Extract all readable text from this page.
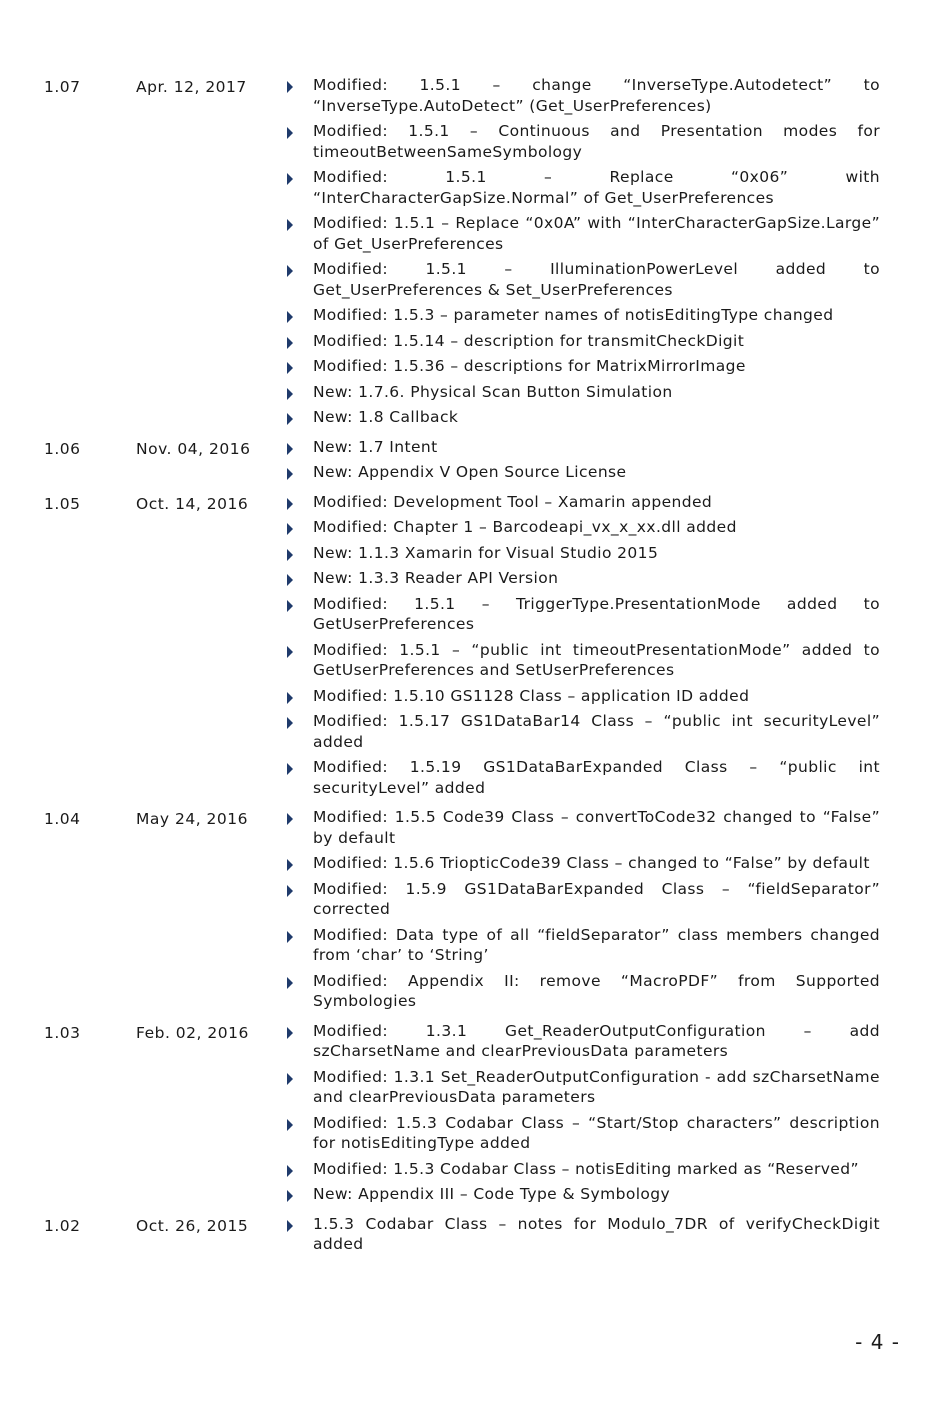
1.07	Apr. 12, 2017	Modified: 1.5.1 – change “InverseType.Autodetect” to “InverseType.AutoDetect” (Get_UserPreferences)
Modified: 1.5.1 – Continuous and Presentation modes for timeoutBetweenSameSymbology
Modified: 1.5.1 – Replace “0x06” with “InterCharacterGapSize.Normal” of Get_UserPreferences
Modified: 1.5.1 – Replace “0x0A” with “InterCharacterGapSize.Large” of Get_UserPreferences
Modified: 1.5.1 – IlluminationPowerLevel added to Get_UserPreferences & Set_UserPreferences
Modified: 1.5.3 – parameter names of notisEditingType changed
Modified: 1.5.14 – description for transmitCheckDigit
Modified: 1.5.36 – descriptions for MatrixMirrorImage
New: 1.7.6. Physical Scan Button Simulation
New: 1.8 Callback
1.06	Nov. 04, 2016	New: 1.7 Intent
New: Appendix V Open Source License
1.05	Oct. 14, 2016	Modified: Development Tool – Xamarin appended
Modified: Chapter 1 – Barcodeapi_vx_x_xx.dll added
New: 1.1.3 Xamarin for Visual Studio 2015
New: 1.3.3 Reader API Version
Modified: 1.5.1 – TriggerType.PresentationMode added to GetUserPreferences
Modified: 1.5.1 – “public int timeoutPresentationMode” added to GetUserPreferences and SetUserPreferences
Modified: 1.5.10 GS1128 Class – application ID added
Modified: 1.5.17 GS1DataBar14 Class – “public int securityLevel” added
Modified: 1.5.19 GS1DataBarExpanded Class – “public int securityLevel” added
1.04	May 24, 2016	Modified: 1.5.5 Code39 Class – convertToCode32 changed to “False” by default
Modified: 1.5.6 TriopticCode39 Class – changed to “False” by default
Modified: 1.5.9 GS1DataBarExpanded Class – “fieldSeparator” corrected
Modified: Data type of all “fieldSeparator” class members changed from ‘char’ to ‘String’
Modified: Appendix II: remove “MacroPDF” from Supported Symbologies
1.03	Feb. 02, 2016	Modified: 1.3.1 Get_ReaderOutputConfiguration – add szCharsetName and clearPreviousData parameters
Modified: 1.3.1 Set_ReaderOutputConfiguration - add szCharsetName and clearPreviousData parameters
Modified: 1.5.3 Codabar Class – “Start/Stop characters” description for notisEditingType added
Modified: 1.5.3 Codabar Class – notisEditing marked as “Reserved”
New: Appendix III – Code Type & Symbology
1.02	Oct. 26, 2015	1.5.3 Codabar Class – notes for Modulo_7DR of verifyCheckDigit added
- 4 -
